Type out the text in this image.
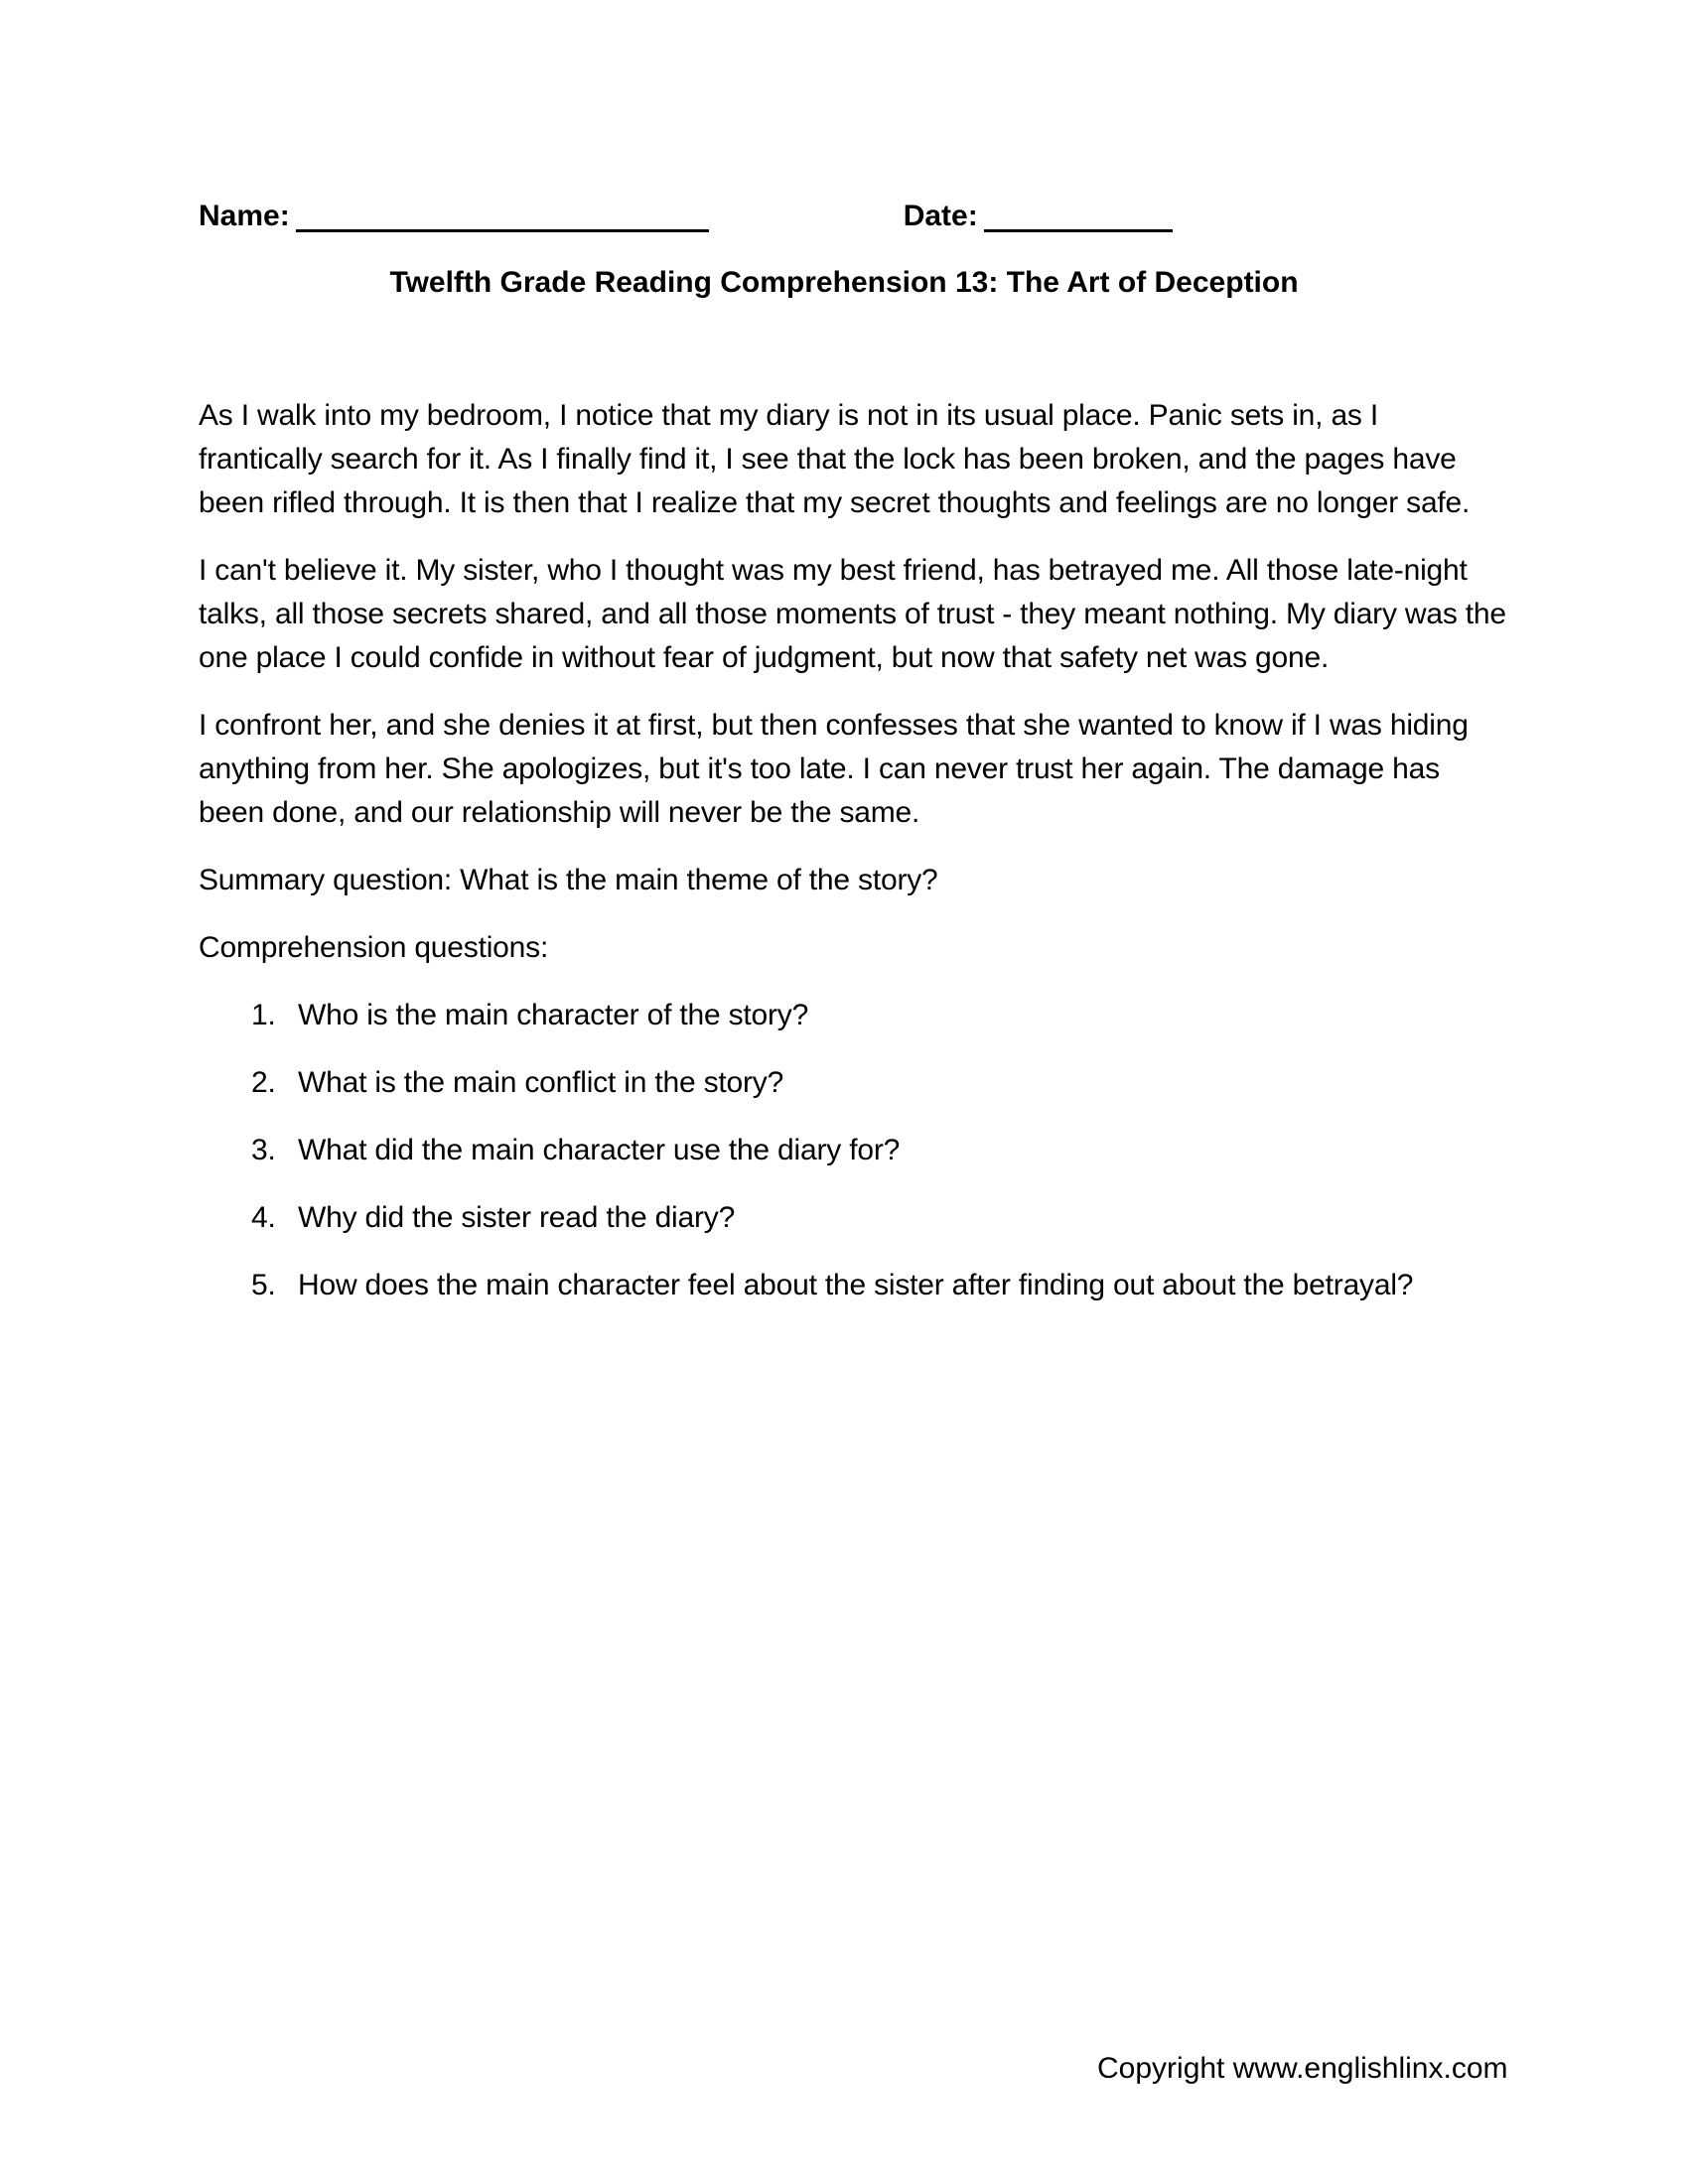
Name:	Date:
Twelfth Grade Reading Comprehension 13: The Art of Deception

As I walk into my bedroom, I notice that my diary is not in its usual place. Panic sets in, as I frantically search for it. As I finally find it, I see that the lock has been broken, and the pages have been rifled through. It is then that I realize that my secret thoughts and feelings are no longer safe.

I can't believe it. My sister, who I thought was my best friend, has betrayed me. All those late-night talks, all those secrets shared, and all those moments of trust - they meant nothing. My diary was the one place I could confide in without fear of judgment, but now that safety net was gone.

I confront her, and she denies it at first, but then confesses that she wanted to know if I was hiding anything from her. She apologizes, but it's too late. I can never trust her again. The damage has been done, and our relationship will never be the same.

Summary question: What is the main theme of the story?

Comprehension questions:

1. Who is the main character of the story?
2. What is the main conflict in the story?
3. What did the main character use the diary for?
4. Why did the sister read the diary?
5. How does the main character feel about the sister after finding out about the betrayal?
Copyright www.englishlinx.com
